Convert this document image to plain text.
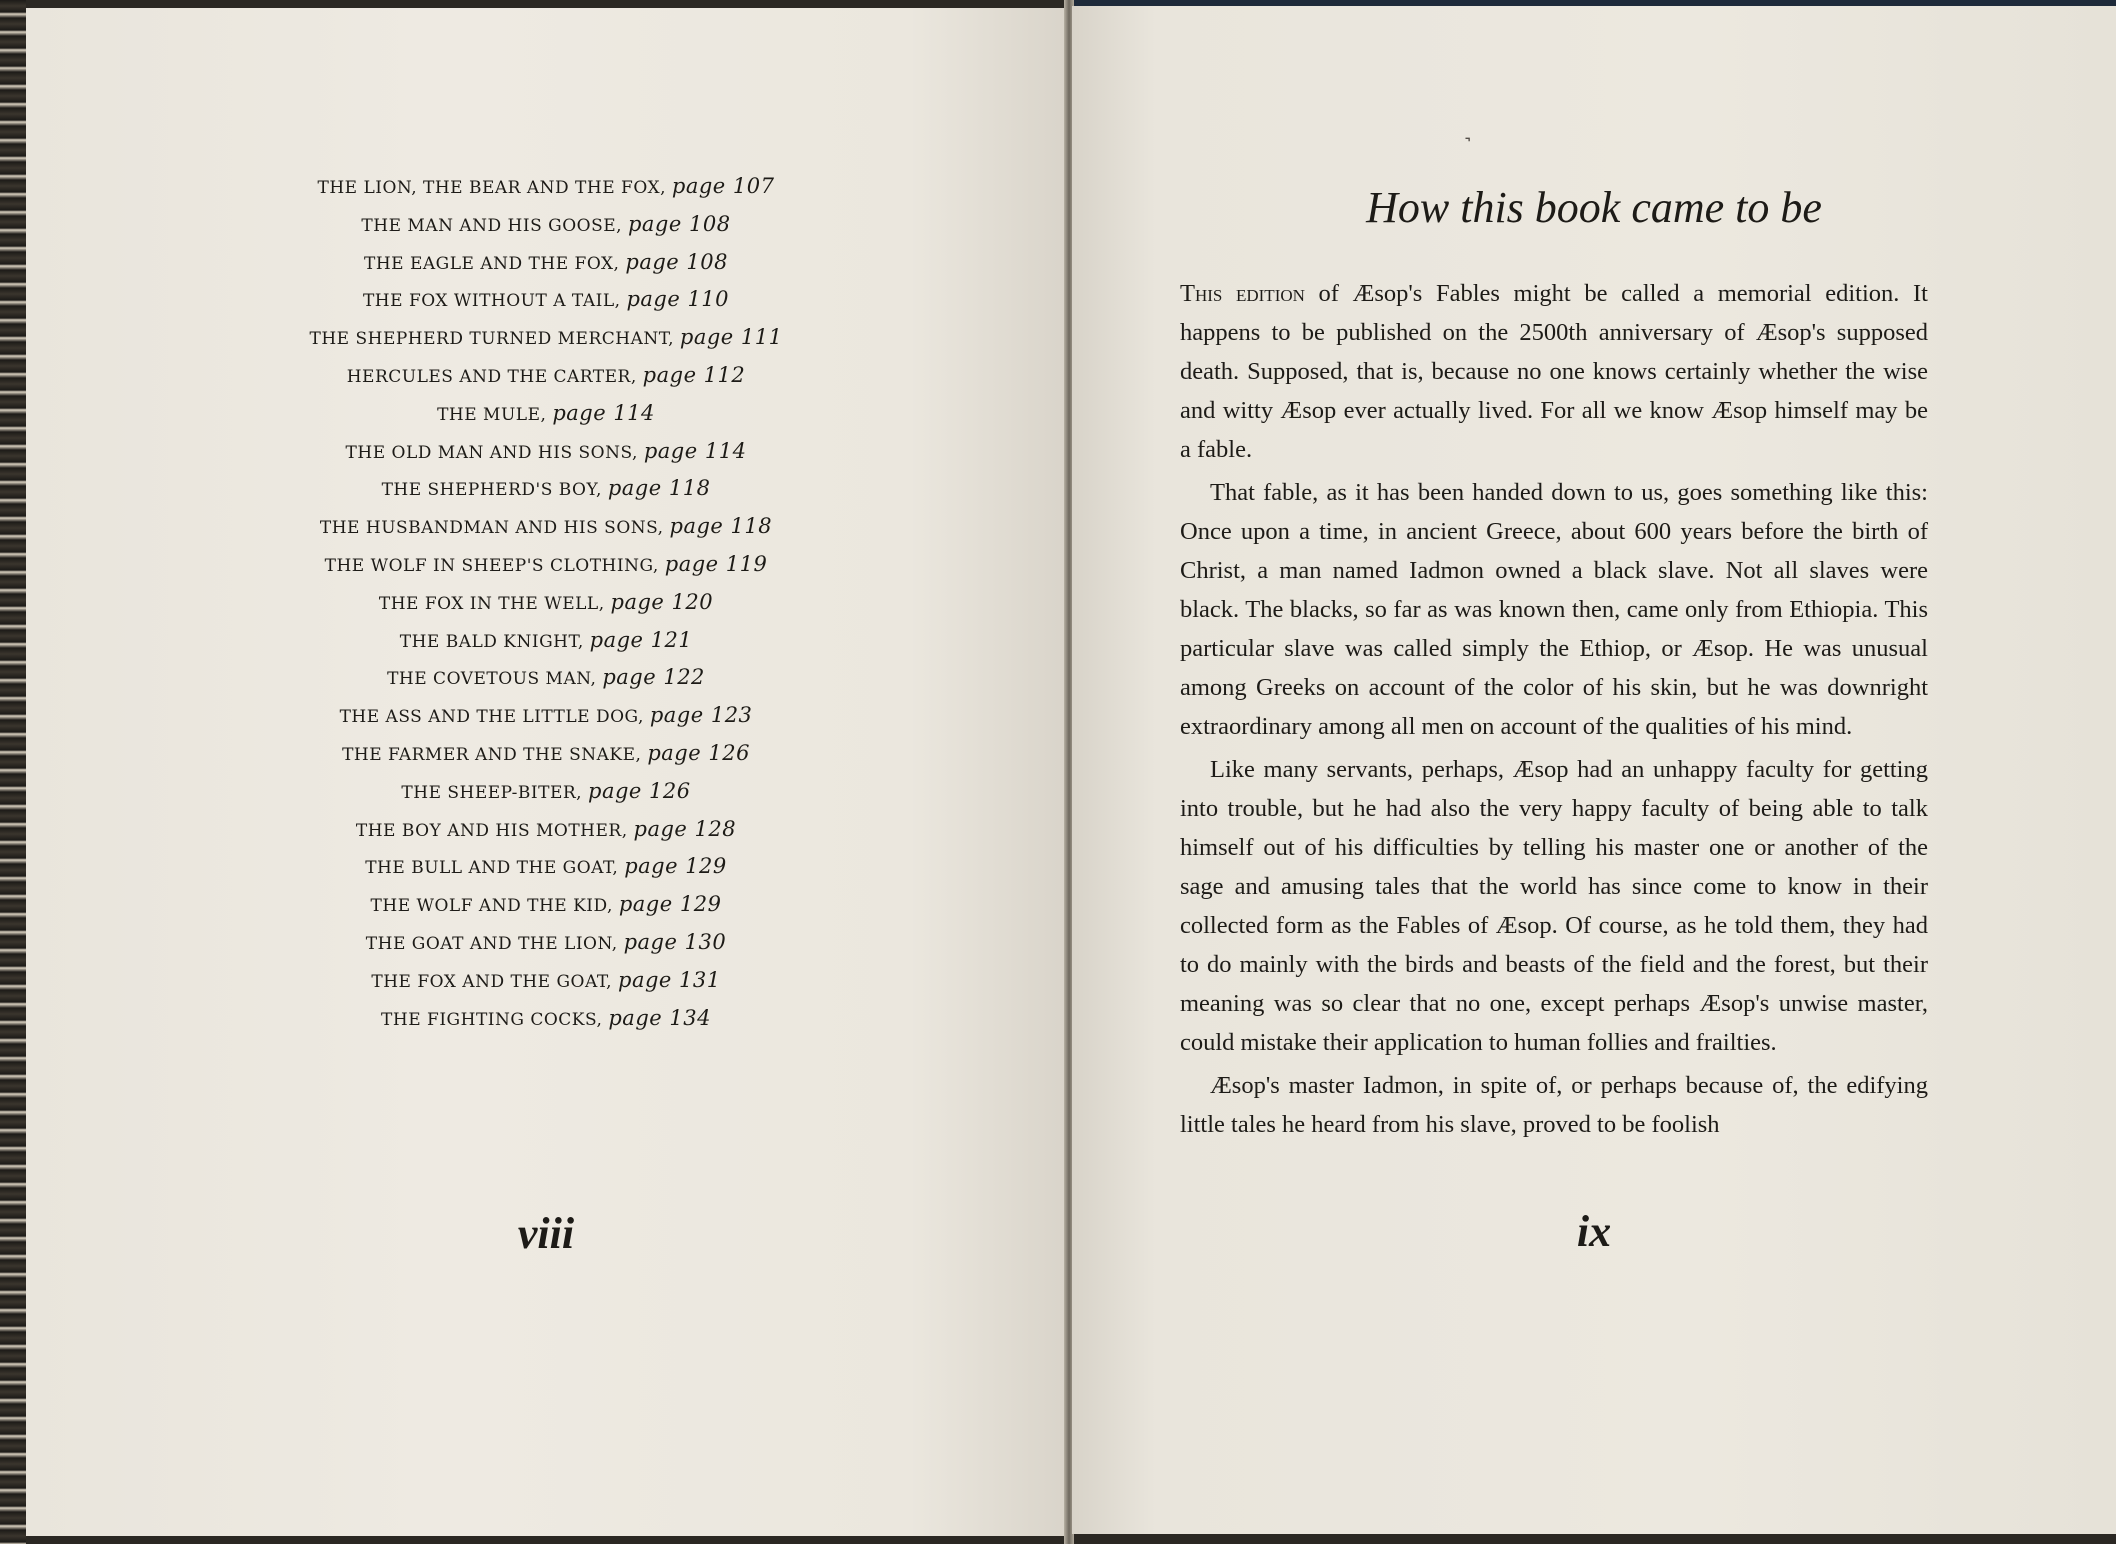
THE LION, THE BEAR AND THE FOX, page 107
THE MAN AND HIS GOOSE, page 108
THE EAGLE AND THE FOX, page 108
THE FOX WITHOUT A TAIL, page 110
THE SHEPHERD TURNED MERCHANT, page 111
HERCULES AND THE CARTER, page 112
THE MULE, page 114
THE OLD MAN AND HIS SONS, page 114
THE SHEPHERD'S BOY, page 118
THE HUSBANDMAN AND HIS SONS, page 118
THE WOLF IN SHEEP'S CLOTHING, page 119
THE FOX IN THE WELL, page 120
THE BALD KNIGHT, page 121
THE COVETOUS MAN, page 122
THE ASS AND THE LITTLE DOG, page 123
THE FARMER AND THE SNAKE, page 126
THE SHEEP-BITER, page 126
THE BOY AND HIS MOTHER, page 128
THE BULL AND THE GOAT, page 129
THE WOLF AND THE KID, page 129
THE GOAT AND THE LION, page 130
THE FOX AND THE GOAT, page 131
THE FIGHTING COCKS, page 134
viii
˺
How this book came to be

This edition of Æsop's Fables might be called a memorial edition. It happens to be published on the 2500th anniversary of Æsop's supposed death. Supposed, that is, because no one knows certainly whether the wise and witty Æsop ever actually lived. For all we know Æsop himself may be a fable.

That fable, as it has been handed down to us, goes something like this: Once upon a time, in ancient Greece, about 600 years before the birth of Christ, a man named Iadmon owned a black slave. Not all slaves were black. The blacks, so far as was known then, came only from Ethiopia. This particular slave was called simply the Ethiop, or Æsop. He was unusual among Greeks on account of the color of his skin, but he was downright extraordinary among all men on account of the qualities of his mind.

Like many servants, perhaps, Æsop had an unhappy faculty for getting into trouble, but he had also the very happy faculty of being able to talk himself out of his difficulties by telling his master one or another of the sage and amusing tales that the world has since come to know in their collected form as the Fables of Æsop. Of course, as he told them, they had to do mainly with the birds and beasts of the field and the forest, but their meaning was so clear that no one, except perhaps Æsop's unwise master, could mistake their application to human follies and frailties.

Æsop's master Iadmon, in spite of, or perhaps because of, the edifying little tales he heard from his slave, proved to be foolish

ix
